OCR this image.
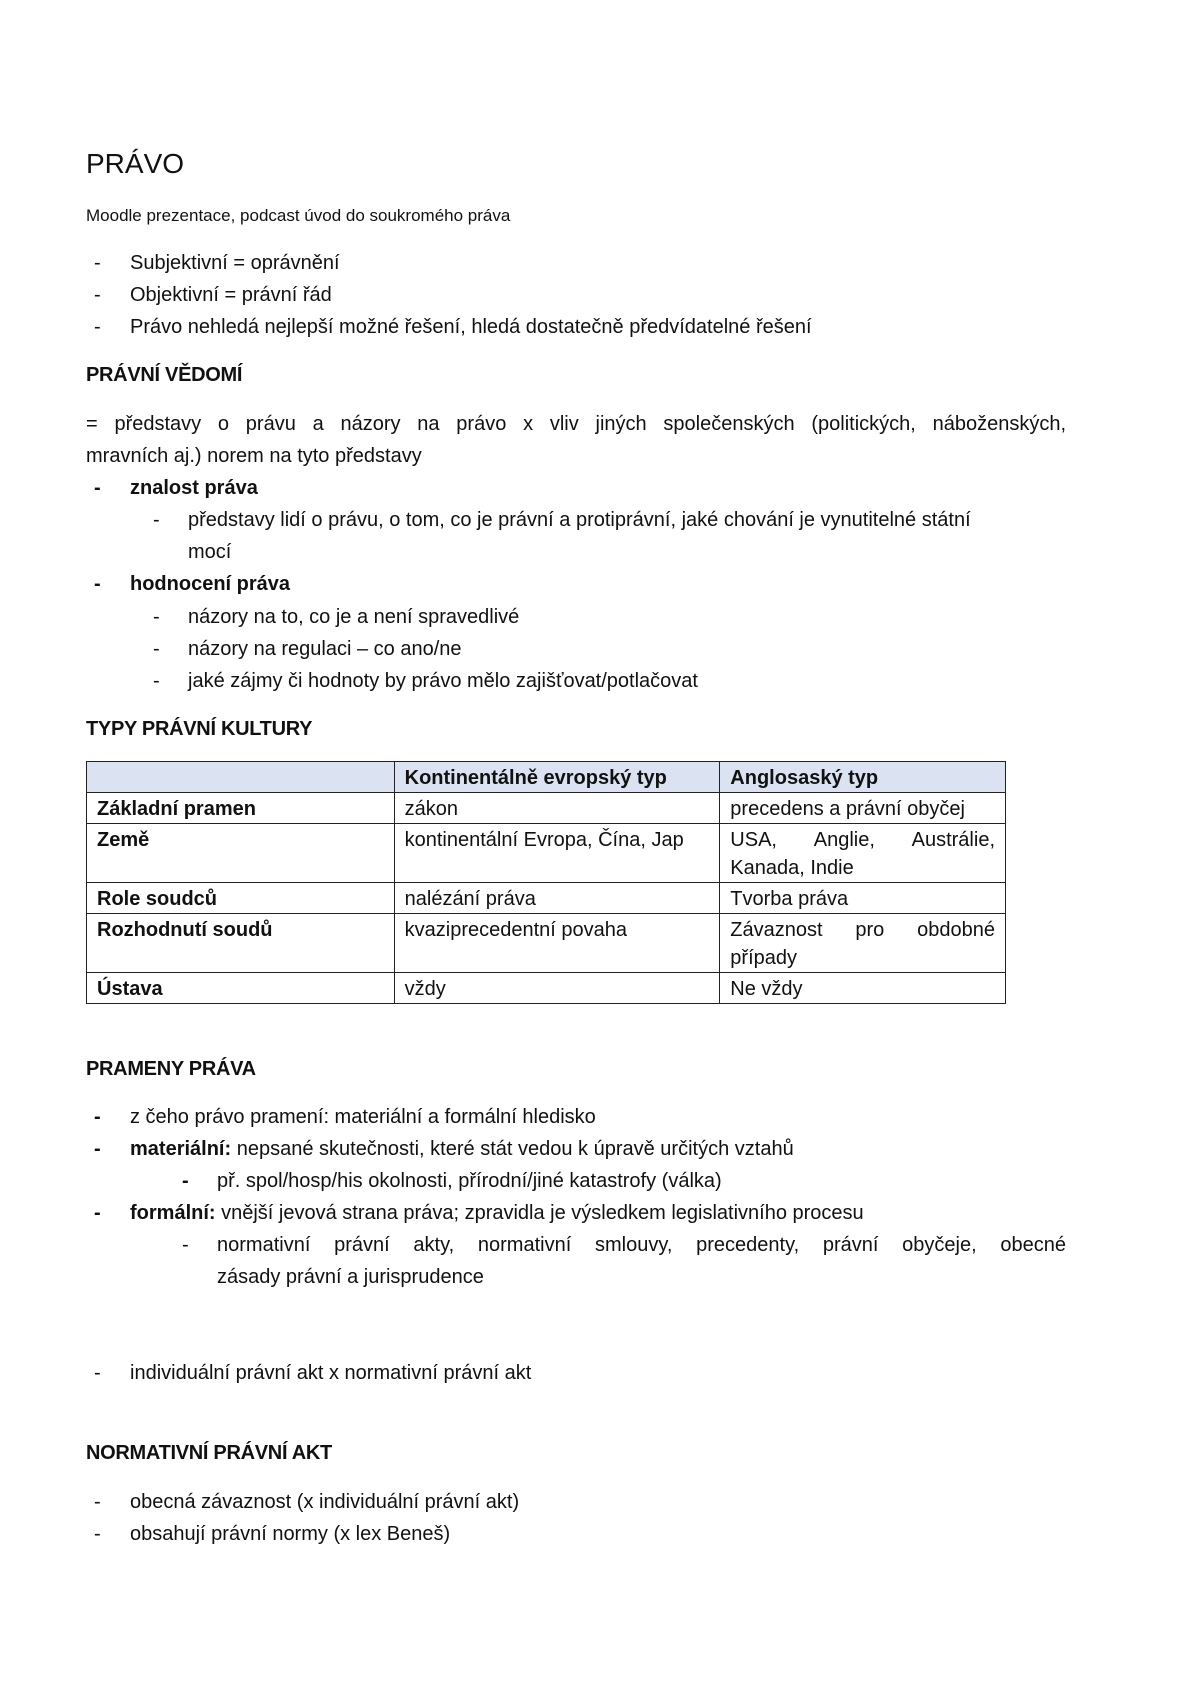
PRÁVO
Moodle prezentace, podcast úvod do soukromého práva
- Subjektivní = oprávnění
- Objektivní = právní řád
- Právo nehledá nejlepší možné řešení, hledá dostatečně předvídatelné řešení
PRÁVNÍ VĚDOMÍ
= představy o právu a názory na právo x vliv jiných společenských (politických, náboženských,
mravních aj.) norem na tyto představy
- znalost práva
- představy lidí o právu, o tom, co je právní a protiprávní, jaké chování je vynutitelné státní
mocí
- hodnocení práva
- názory na to, co je a není spravedlivé
- názory na regulaci – co ano/ne
- jaké zájmy či hodnoty by právo mělo zajišťovat/potlačovat
TYPY PRÁVNÍ KULTURY
	Kontinentálně evropský typ	Anglosaský typ
Základní pramen	zákon	precedens a právní obyčej
Země	kontinentální Evropa, Čína, Jap	USA, Anglie, Austrálie,
Kanada, Indie

Role soudců	nalézání práva	Tvorba práva
Rozhodnutí soudů	kvaziprecedentní povaha	Závaznost pro obdobné
případy

Ústava	vždy	Ne vždy
PRAMENY PRÁVA
- z čeho právo pramení: materiální a formální hledisko
- materiální: nepsané skutečnosti, které stát vedou k úpravě určitých vztahů
- př. spol/hosp/his okolnosti, přírodní/jiné katastrofy (válka)
- formální: vnější jevová strana práva; zpravidla je výsledkem legislativního procesu
- normativní právní akty, normativní smlouvy, precedenty, právní obyčeje, obecné
zásady právní a jurisprudence
- individuální právní akt x normativní právní akt
NORMATIVNÍ PRÁVNÍ AKT
- obecná závaznost (x individuální právní akt)
- obsahují právní normy (x lex Beneš)
